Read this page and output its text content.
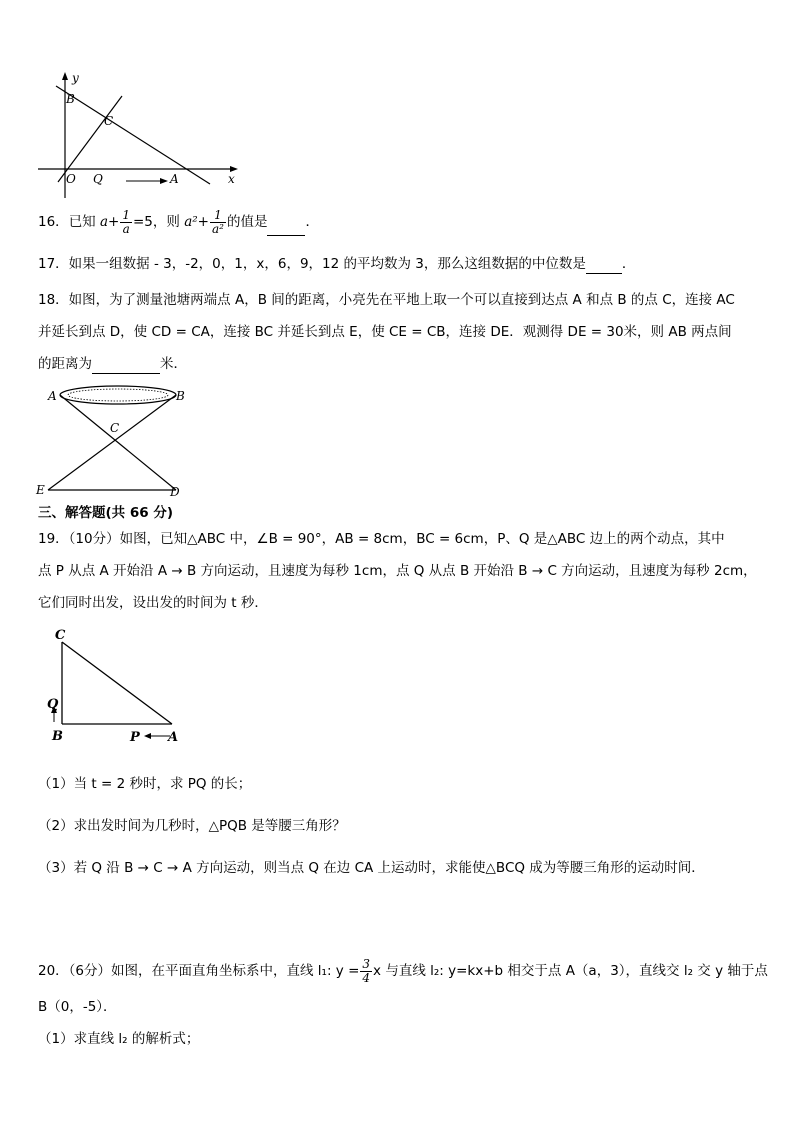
y
B
C
O Q	A	x
16．已知 $a+ \frac{1}{a} =5$，则 $a^2+ \frac{1}{\text{a²}}$ 的值是	．
17．如果一组数据 - 3，-2，0，1，x，6，9，12 的平均数为 3，那么这组数据的中位数是	．
18．如图，为了测量池塘两端点 A，B 间的距离，小亮先在平地上取一个可以直接到达点 A 和点 B 的点 C，连接 AC
并延长到点 D，使 CD = CA，连接 BC 并延长到点 E，使 CE = CB，连接 DE．观测得 DE = 30米，则 AB 两点间
的距离为	米．
A	B
C
E	D
三、解答题(共 66 分)
19．（10分）如图，已知△ABC 中，∠B = 90°，AB = 8cm，BC = 6cm，P、Q 是△ABC 边上的两个动点，其中
点 P 从点 A 开始沿 A → B 方向运动，且速度为每秒 1cm，点 Q 从点 B 开始沿 B → C 方向运动，且速度为每秒 2cm，
它们同时出发，设出发的时间为 t 秒．
C
Q
B	P A
（1）当 t = 2 秒时，求 PQ 的长；
（2）求出发时间为几秒时，△PQB 是等腰三角形？
（3）若 Q 沿 B → C → A 方向运动，则当点 Q 在边 CA 上运动时，求能使△BCQ 成为等腰三角形的运动时间．
20．（6分）如图，在平面直角坐标系中，直线 l₁: $y = \frac{3}{4}$ x 与直线 l₂: y=kx+b 相交于点 A（a，3），直线交 l₂ 交 y 轴于点
B（0，-5）．
（1）求直线 l₂ 的解析式；
